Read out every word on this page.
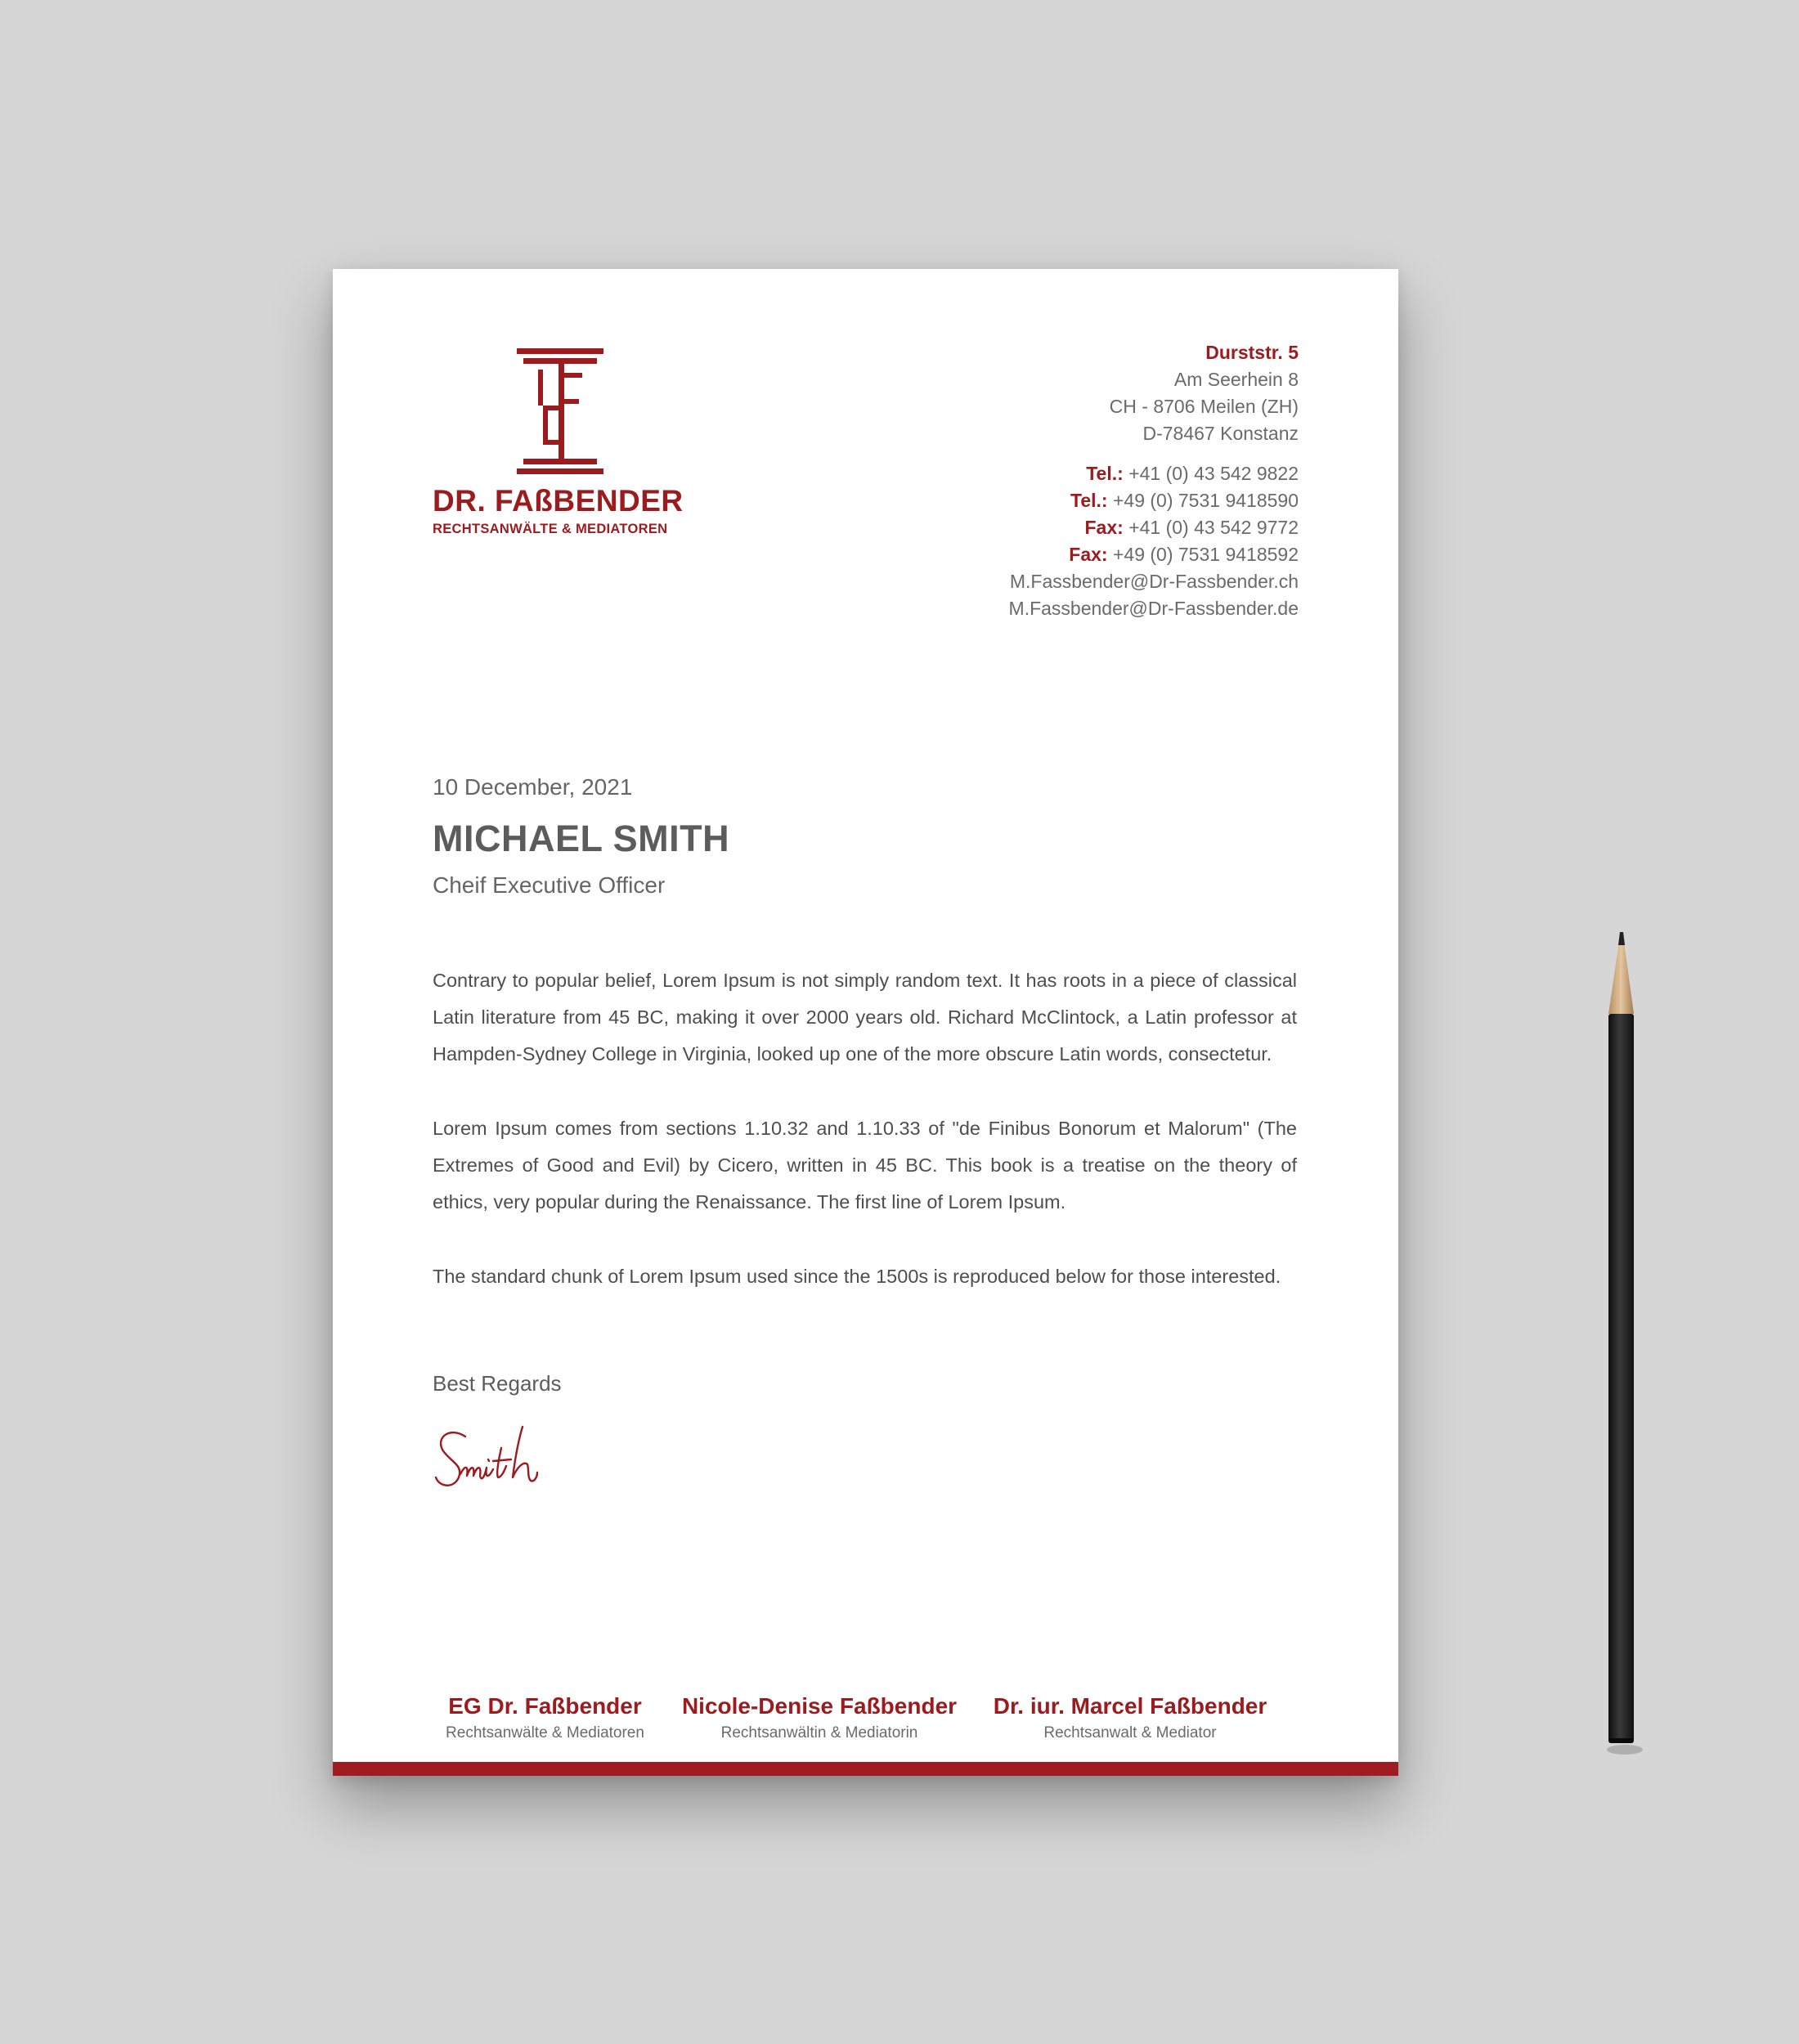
DR. FAßBENDER
RECHTSANWÄLTE & MEDIATOREN
Durststr. 5
Am Seerhein 8
CH - 8706 Meilen (ZH)
D-78467 Konstanz
Tel.: +41 (0) 43 542 9822
Tel.: +49 (0) 7531 9418590
Fax: +41 (0) 43 542 9772
Fax: +49 (0) 7531 9418592
M.Fassbender@Dr-Fassbender.ch
M.Fassbender@Dr-Fassbender.de
10 December, 2021
MICHAEL SMITH
Cheif Executive Officer

Contrary to popular belief, Lorem Ipsum is not simply random text. It has roots in a piece of classical Latin literature from 45 BC, making it over 2000 years old. Richard McClintock, a Latin professor at Hampden-Sydney College in Virginia, looked up one of the more obscure Latin words, consectetur.

Lorem Ipsum comes from sections 1.10.32 and 1.10.33 of "de Finibus Bonorum et Malorum" (The Extremes of Good and Evil) by Cicero, written in 45 BC. This book is a treatise on the theory of ethics, very popular during the Renaissance. The first line of Lorem Ipsum.

The standard chunk of Lorem Ipsum used since the 1500s is reproduced below for those interested.

Best Regards
EG Dr. Faßbender
Rechtsanwälte & Mediatoren
Nicole-Denise Faßbender
Rechtsanwältin & Mediatorin
Dr. iur. Marcel Faßbender
Rechtsanwalt & Mediator
